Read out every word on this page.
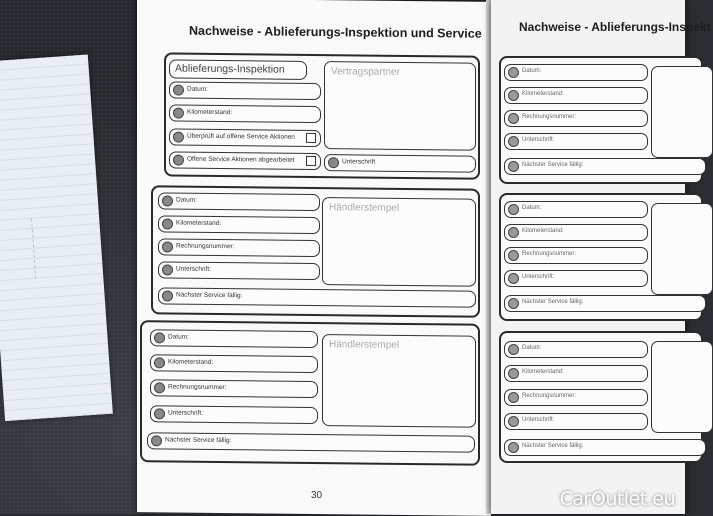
Nachweise - Ablieferungs-Inspektion und Service
Ablieferungs-Inspektion	Vertragspartner
Datum:
Kilometerstand:
Überprüft auf offene Service Aktionen
Offene Service Aktionen abgearbeitet	Unterschrift
Händlerstempel
Datum:
Kilometerstand:
Rechnungsnummer:
Unterschrift:
Nächster Service fällig:
Händlerstempel
Datum:
Kilometerstand:
Rechnungsnummer:
Unterschrift:
Nächster Service fällig:
30
Nachweise - Ablieferungs-Inspekt
Datum:
Kilometerstand:
Rechnungsnummer:
Unterschrift:
Nächster Service fällig:
Datum:
Kilometerstand:
Rechnungsnummer:
Unterschrift:
Nächster Service fällig:
Datum:
Kilometerstand:
Rechnungsnummer:
Unterschrift:
Nächster Service fällig:
CarOutlet.eu
